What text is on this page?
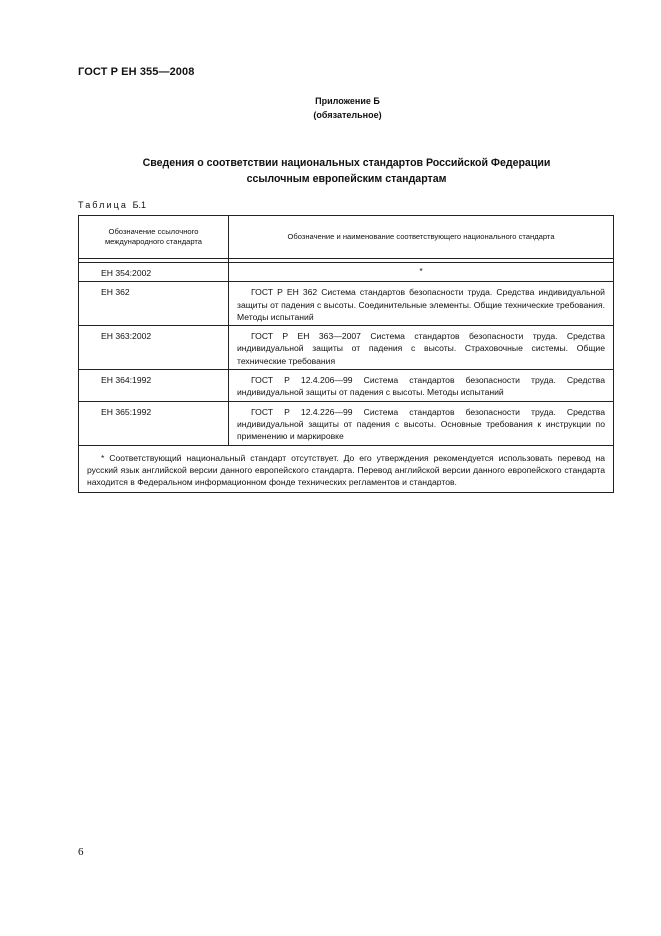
ГОСТ Р ЕН 355—2008
Приложение Б
(обязательное)
Сведения о соответствии национальных стандартов Российской Федерации
ссылочным европейским стандартам
Таблица Б.1
Обозначение ссылочного международного стандарта	Обозначение и наименование соответствующего национального стандарта

ЕН 354:2002	*
ЕН 362	ГОСТ Р ЕН 362 Система стандартов безопасности труда. Средства индивидуальной защиты от падения с высоты. Соединительные элементы. Общие технические требования. Методы испытаний
ЕН 363:2002	ГОСТ Р ЕН 363—2007 Система стандартов безопасности труда. Средства индивидуальной защиты от падения с высоты. Страховочные системы. Общие технические требования
ЕН 364:1992	ГОСТ Р 12.4.206—99 Система стандартов безопасности труда. Средства индивидуальной защиты от падения с высоты. Методы испытаний
ЕН 365:1992	ГОСТ Р 12.4.226—99 Система стандартов безопасности труда. Средства индивидуальной защиты от падения с высоты. Основные требования к инструкции по применению и маркировке
* Соответствующий национальный стандарт отсутствует. До его утверждения рекомендуется использовать перевод на русский язык английской версии данного европейского стандарта. Перевод английской версии данного европейского стандарта находится в Федеральном информационном фонде технических регламентов и стандартов.	
6
